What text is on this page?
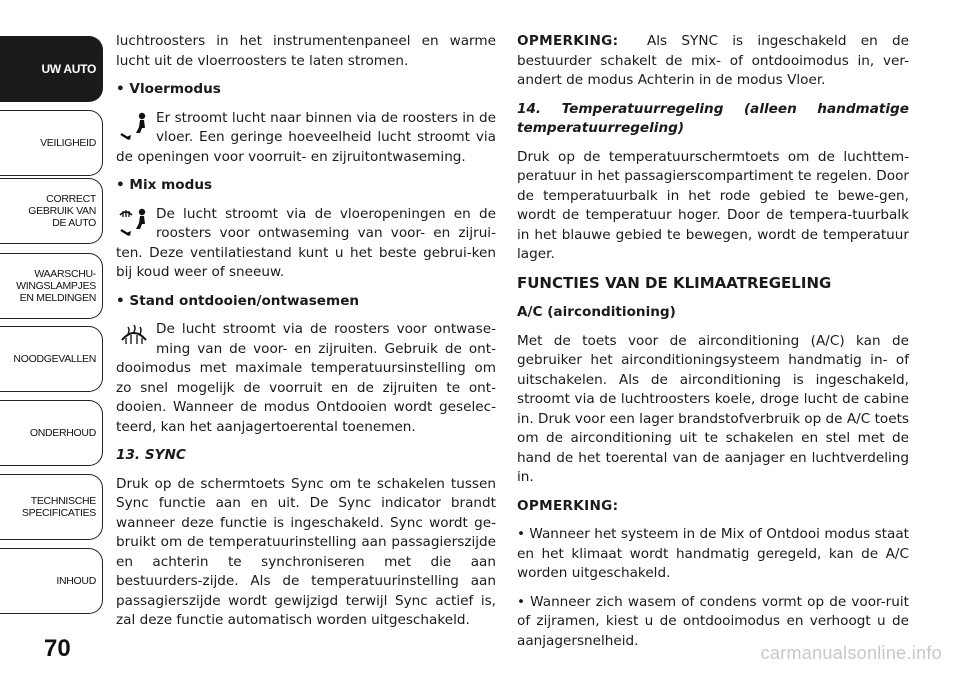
UW AUTO
VEILIGHEID
CORRECT
GEBRUIK VAN
DE AUTO
WAARSCHU-
WINGSLAMPJES
EN MELDINGEN
NOODGEVALLEN
ONDERHOUD
TECHNISCHE
SPECIFICATIES
INHOUD
70

luchtroosters in het instrumentenpaneel en warme lucht uit de vloerroosters te laten stromen.

• Vloermodus

Er stroomt lucht naar binnen via de roosters in de vloer. Een geringe hoeveelheid lucht stroomt via de openingen voor voorruit- en zijruitontwaseming.

• Mix modus

De lucht stroomt via de vloeropeningen en de roosters voor ontwaseming van voor- en zijrui-ten. Deze ventilatiestand kunt u het beste gebrui-ken bij koud weer of sneeuw.

• Stand ontdooien/ontwasemen

De lucht stroomt via de roosters voor ontwase-ming van de voor- en zijruiten. Gebruik de ont-dooimodus met maximale temperatuursinstelling om zo snel mogelijk de voorruit en de zijruiten te ont-dooien. Wanneer de modus Ontdooien wordt geselec-teerd, kan het aanjagertoerental toenemen.

13. SYNC

Druk op de schermtoets Sync om te schakelen tussen Sync functie aan en uit. De Sync indicator brandt wanneer deze functie is ingeschakeld. Sync wordt ge-bruikt om de temperatuurinstelling aan passagierszijde en achterin te synchroniseren met die aan bestuurders-zijde. Als de temperatuurinstelling aan passagierszijde wordt gewijzigd terwijl Sync actief is, zal deze functie automatisch worden uitgeschakeld.

OPMERKING: Als SYNC is ingeschakeld en de bestuurder schakelt de mix- of ontdooimodus in, ver-andert de modus Achterin in de modus Vloer.

14. Temperatuurregeling (alleen handmatige temperatuurregeling)

Druk op de temperatuurschermtoets om de luchttem-peratuur in het passagierscompartiment te regelen. Door de temperatuurbalk in het rode gebied te bewe-gen, wordt de temperatuur hoger. Door de tempera-tuurbalk in het blauwe gebied te bewegen, wordt de temperatuur lager.

FUNCTIES VAN DE KLIMAATREGELING

A/C (airconditioning)

Met de toets voor de airconditioning (A/C) kan de gebruiker het airconditioningsysteem handmatig in- of uitschakelen. Als de airconditioning is ingeschakeld, stroomt via de luchtroosters koele, droge lucht de cabine in. Druk voor een lager brandstofverbruik op de A/C toets om de airconditioning uit te schakelen en stel met de hand de het toerental van de aanjager en luchtverdeling in.

OPMERKING:

• Wanneer het systeem in de Mix of Ontdooi modus staat en het klimaat wordt handmatig geregeld, kan de A/C worden uitgeschakeld.

• Wanneer zich wasem of condens vormt op de voor-ruit of zijramen, kiest u de ontdooimodus en verhoogt u de aanjagersnelheid.

carmanualsonline.info
